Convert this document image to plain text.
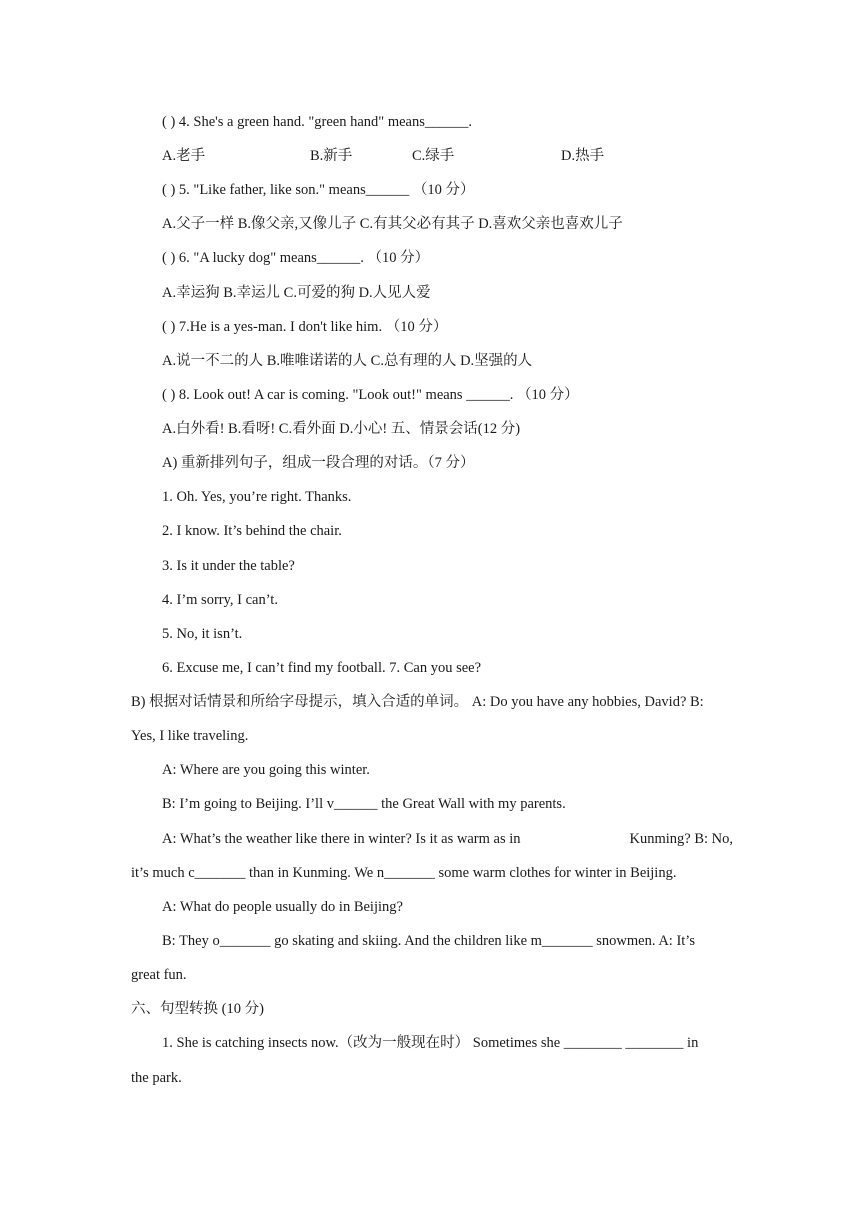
( ) 4. She's a green hand. "green hand" means______.

A.老手	B.新手	C.绿手	D.热手

( ) 5. "Like father, like son." means______ （10 分）

A.父子一样 B.像父亲,又像儿子 C.有其父必有其子 D.喜欢父亲也喜欢儿子

( ) 6. "A lucky dog" means______. （10 分）

A.幸运狗 B.幸运儿 C.可爱的狗 D.人见人爱

( ) 7.He is a yes-man. I don't like him. （10 分）

A.说一不二的人 B.唯唯诺诺的人 C.总有理的人 D.坚强的人

( ) 8. Look out! A car is coming. "Look out!" means ______. （10 分）

A.白外看! B.看呀! C.看外面 D.小心! 五、情景会话(12 分)

A) 重新排列句子，组成一段合理的对话。（7 分）

1. Oh. Yes, you’re right. Thanks.

2. I know. It’s behind the chair.

3. Is it under the table?

4. I’m sorry, I can’t.

5. No, it isn’t.

6. Excuse me, I can’t find my football. 7. Can you see?

B) 根据对话情景和所给字母提示，填入合适的单词。 A: Do you have any hobbies, David? B:

Yes, I like traveling.

A: Where are you going this winter.

B: I’m going to Beijing. I’ll v______ the Great Wall with my parents.

A: What’s the weather like there in winter? Is it as warm as in	Kunming? B: No,

it’s much c_______ than in Kunming. We n_______ some warm clothes for winter in Beijing.

A: What do people usually do in Beijing?

B: They o_______ go skating and skiing. And the children like m_______ snowmen. A: It’s

great fun.

六、句型转换 (10 分)

1. She is catching insects now.（改为一般现在时） Sometimes she ________ ________ in

the park.
